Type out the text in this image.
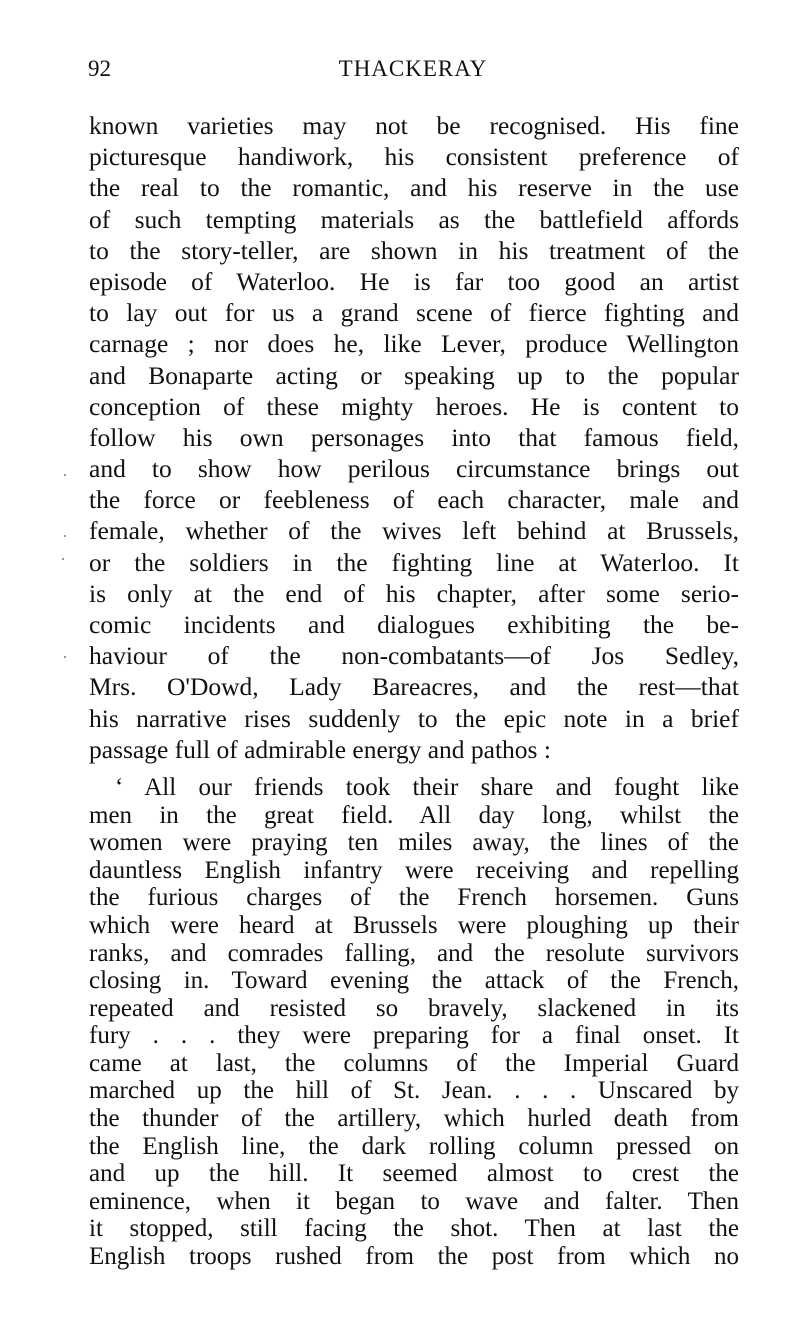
92	THACKERAY
known varieties may not be recognised. His fine
picturesque handiwork, his consistent preference of
the real to the romantic, and his reserve in the use
of such tempting materials as the battlefield affords
to the story-teller, are shown in his treatment of the
episode of Waterloo. He is far too good an artist
to lay out for us a grand scene of fierce fighting and
carnage ; nor does he, like Lever, produce Wellington
and Bonaparte acting or speaking up to the popular
conception of these mighty heroes. He is content to
follow his own personages into that famous field,
and to show how perilous circumstance brings out
the force or feebleness of each character, male and
female, whether of the wives left behind at Brussels,
or the soldiers in the fighting line at Waterloo. It
is only at the end of his chapter, after some serio-
comic incidents and dialogues exhibiting the be-
haviour of the non-combatants—of Jos Sedley,
Mrs. O'Dowd, Lady Bareacres, and the rest—that
his narrative rises suddenly to the epic note in a brief
passage full of admirable energy and pathos :
‘ All our friends took their share and fought like
men in the great field. All day long, whilst the
women were praying ten miles away, the lines of the
dauntless English infantry were receiving and repelling
the furious charges of the French horsemen. Guns
which were heard at Brussels were ploughing up their
ranks, and comrades falling, and the resolute survivors
closing in. Toward evening the attack of the French,
repeated and resisted so bravely, slackened in its
fury . . . they were preparing for a final onset. It
came at last, the columns of the Imperial Guard
marched up the hill of St. Jean. . . . Unscared by
the thunder of the artillery, which hurled death from
the English line, the dark rolling column pressed on
and up the hill. It seemed almost to crest the
eminence, when it began to wave and falter. Then
it stopped, still facing the shot. Then at last the
English troops rushed from the post from which no
